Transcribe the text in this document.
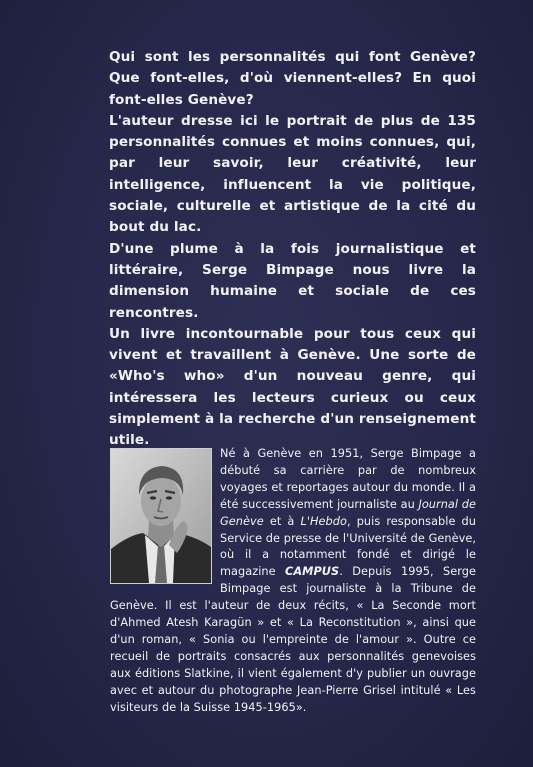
Qui sont les personnalités qui font Genève? Que font-elles, d'où viennent-elles? En quoi font-elles Genève?

L'auteur dresse ici le portrait de plus de 135 personnalités connues et moins connues, qui, par leur savoir, leur créativité, leur intelligence, influencent la vie politique, sociale, culturelle et artistique de la cité du bout du lac.

D'une plume à la fois journalistique et littéraire, Serge Bimpage nous livre la dimension humaine et sociale de ces rencontres.

Un livre incontournable pour tous ceux qui vivent et travaillent à Genève. Une sorte de «Who's who» d'un nouveau genre, qui intéressera les lecteurs curieux ou ceux simplement à la recherche d'un renseignement utile.

Né à Genève en 1951, Serge Bimpage a débuté sa carrière par de nombreux voyages et reportages autour du monde. Il a été successivement journaliste au Journal de Genève et à L'Hebdo, puis responsable du Service de presse de l'Université de Genève, où il a notamment fondé et dirigé le magazine CAMPUS. Depuis 1995, Serge Bimpage est journaliste à la Tribune de Genève. Il est l'auteur de deux récits, « La Seconde mort d'Ahmed Atesh Karagün » et « La Reconstitution », ainsi que d'un roman, « Sonia ou l'empreinte de l'amour ». Outre ce recueil de portraits consacrés aux personnalités genevoises aux éditions Slatkine, il vient également d'y publier un ouvrage avec et autour du photographe Jean-Pierre Grisel intitulé « Les visiteurs de la Suisse 1945-1965».
